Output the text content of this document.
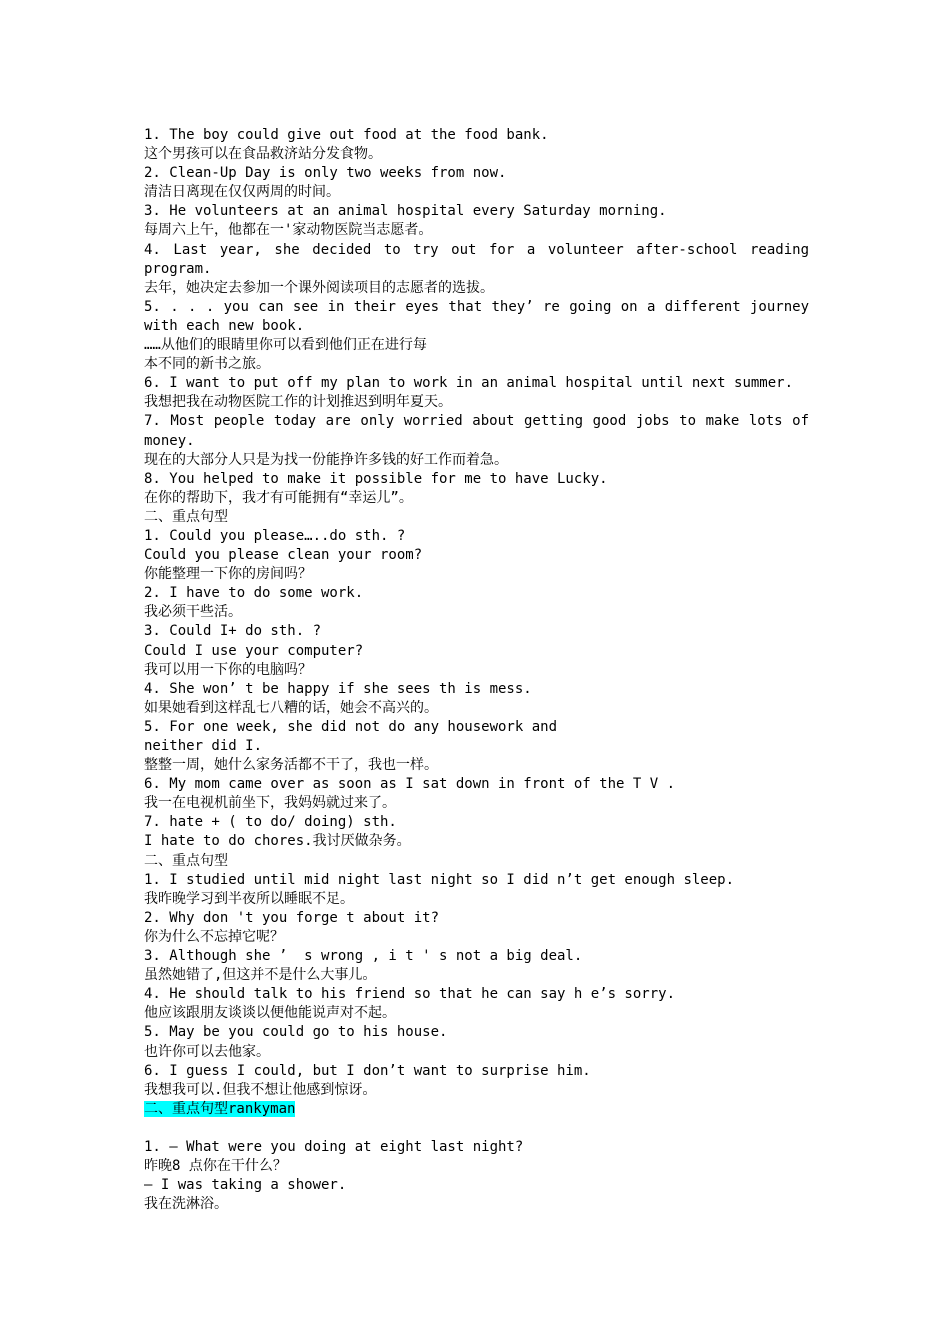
1. The boy could give out food at the food bank.

这个男孩可以在食品救济站分发食物。

2. Clean-Up Day is only two weeks from now.

清洁日离现在仅仅两周的时间。

3. He volunteers at an animal hospital every Saturday morning.

每周六上午，他都在一'家动物医院当志愿者。

4. Last year, she decided to try out for a volunteer after-school reading

program.

去年，她决定去参加一个课外阅读项目的志愿者的选拔。

5. . . . you can see in their eyes that they’ re going on a different journey

with each new book.

……从他们的眼睛里你可以看到他们正在进行每

本不同的新书之旅。

6. I want to put off my plan to work in an animal hospital until next summer.

我想把我在动物医院工作的计划推迟到明年夏天。

7. Most people today are only worried about getting good jobs to make lots of

money.

现在的大部分人只是为找一份能挣许多钱的好工作而着急。

8. You helped to make it possible for me to have Lucky.

在你的帮助下，我才有可能拥有“幸运儿”。

二、重点句型

1. Could you please…..do sth. ?

Could you please clean your room?

你能整理一下你的房间吗？

2. I have to do some work.

我必须干些活。

3. Could I+ do sth. ?

Could I use your computer?

我可以用一下你的电脑吗？

4. She won’ t be happy if she sees th is mess.

如果她看到这样乱七八糟的话，她会不高兴的。

5. For one week, she did not do any housework and

neither did I.

整整一周，她什么家务活都不干了，我也一样。

6. My mom came over as soon as I sat down in front of the T V .

我一在电视机前坐下，我妈妈就过来了。

7. hate + ( to do/ doing) sth.

I hate to do chores.我讨厌做杂务。

二、重点句型

1. I studied until mid night last night so I did n’t get enough sleep.

我昨晚学习到半夜所以睡眠不足。

2. Why don 't you forge t about it?

你为什么不忘掉它呢？

3. Although she ’  s wrong , i t ' s not a big deal.

虽然她错了,但这并不是什么大事儿。

4. He should talk to his friend so that he can say h e’s sorry.

他应该跟朋友谈谈以便他能说声对不起。

5. May be you could go to his house.

也许你可以去他家。

6. I guess I could, but I don’t want to surprise him.

我想我可以.但我不想让他感到惊讶。

二、重点句型rankyman

1. — What were you doing at eight last night?

昨晚8 点你在干什么？

— I was taking a shower.

我在洗淋浴。
